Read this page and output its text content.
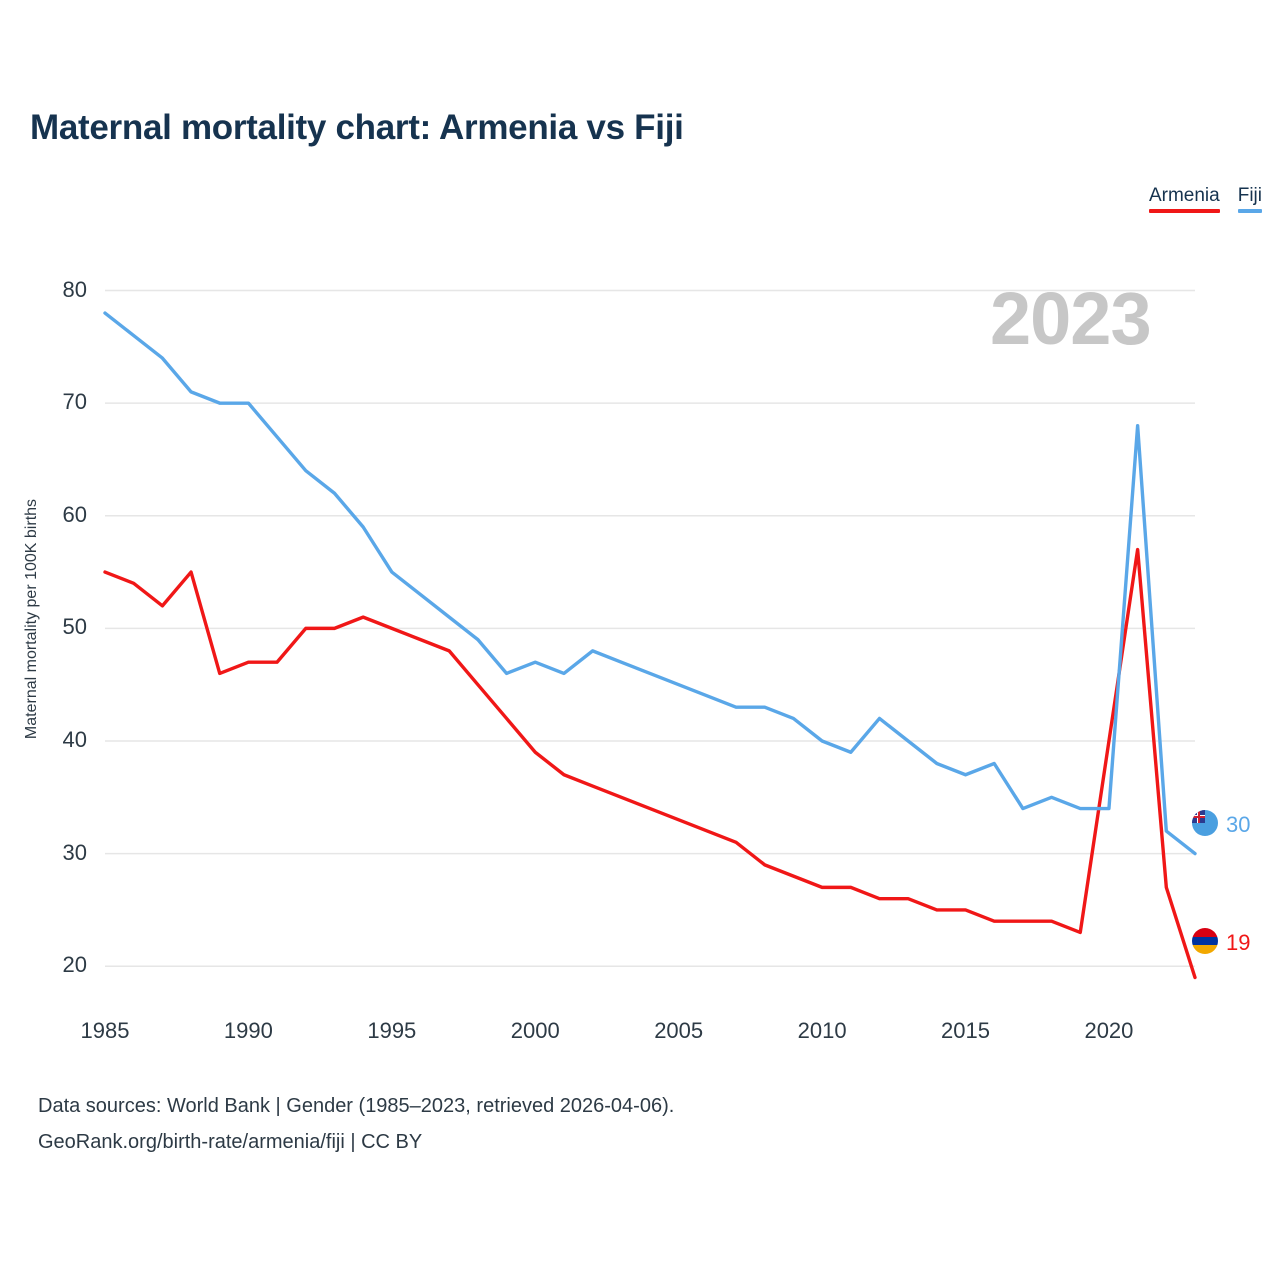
Maternal mortality chart: Armenia vs Fiji
Armenia Fiji
2023
Maternal mortality per 100K births
20
30
40
50
60
70
80
1985	1990	1995	2000	2005	2010	2015	2020
30
19
Data sources: World Bank | Gender (1985–2023, retrieved 2026-04-06).
GeoRank.org/birth-rate/armenia/fiji | CC BY
